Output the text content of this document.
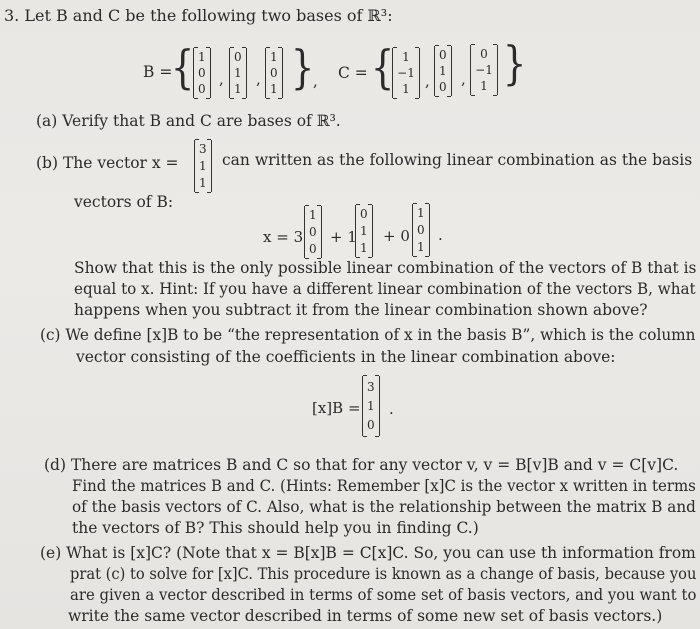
3. Let B and C be the following two bases of ℝ³:
B =
{ 1
0
0
,
0
1
1
,
1
0
1 }
, C = { 1
−1
1 ,
0
1
0 ,
0
−1
1 }
(a) Verify that B and C are bases of ℝ³.
(b) The vector x =
3
1
1
can written as the following linear combination as the basis
vectors of B:
x = 3
1
0
0
+ 1
0
1
1
+ 0
1
0
1
.
Show that this is the only possible linear combination of the vectors of B that is
equal to x. Hint: If you have a different linear combination of the vectors B, what
happens when you subtract it from the linear combination shown above?
(c) We define [x]B to be “the representation of x in the basis B”, which is the column
vector consisting of the coefficients in the linear combination above:
[x]B =
3
1
0
.
(d) There are matrices B and C so that for any vector v, v = B[v]B and v = C[v]C.
Find the matrices B and C. (Hints: Remember [x]C is the vector x written in terms
of the basis vectors of C. Also, what is the relationship between the matrix B and
the vectors of B? This should help you in finding C.)
(e) What is [x]C? (Note that x = B[x]B = C[x]C. So, you can use th information from
prat (c) to solve for [x]C. This procedure is known as a change of basis, because you
are given a vector described in terms of some set of basis vectors, and you want to
write the same vector described in terms of some new set of basis vectors.)
